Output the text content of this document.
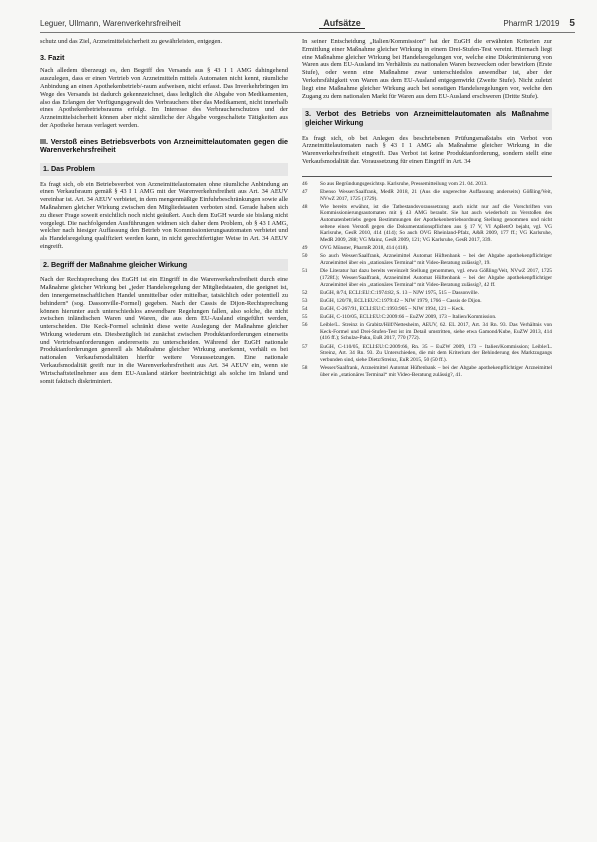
Leguer, Ullmann, Warenverkehrsfreiheit	Aufsätze	PharmR 1/2019 5

schutz und das Ziel, Arzneimittelsicherheit zu gewährleisten, entgegen.

3. Fazit

Nach alledem überzeugt es, den Begriff des Versands aus § 43 I 1 AMG dahingehend auszulegen, dass er einen Vertrieb von Arzneimitteln mittels Automaten nicht kennt, räumliche Anbindung an einen Apothekenbetrieb/-raum aufweisen, nicht erfasst. Das Inverkehrbringen im Wege des Versands ist dadurch gekennzeichnet, dass lediglich die Abgabe von Medikamenten, also das Erlangen der Verfügungsgewalt des Verbrauchers über das Medikament, nicht innerhalb eines Apothekenbetriebsraums erfolgt. Im Interesse des Verbraucherschutzes und der Arzneimittelsicherheit können aber nicht sämtliche der Abgabe vorgeschaltete Tätigkeiten aus der Apotheke heraus verlagert werden.

III. Verstoß eines Betriebsverbots von Arzneimittelautomaten gegen die Warenverkehrsfreiheit
1. Das Problem

Es fragt sich, ob ein Betriebsverbot von Arzneimittelautomaten ohne räumliche Anbindung an einen Verkaufsraum gemäß § 43 I 1 AMG mit der Warenverkehrsfreiheit aus Art. 34 AEUV vereinbar ist. Art. 34 AEUV verbietet, in dem mengenmäßige Einfuhrbeschränkungen sowie alle Maßnahmen gleicher Wirkung zwischen den Mitgliedstaaten verboten sind. Gerade haben sich zu dieser Frage soweit ersichtlich noch nicht geäußert. Auch dem EuGH wurde sie bislang nicht vorgelegt. Die nachfolgenden Ausführungen widmen sich daher dem Problem, ob § 43 I AMG, welcher nach hiesiger Auffassung den Betrieb von Kommissionierungsautomaten verbietet und als Handelsregelung qualifiziert werden kann, in nicht gerechtfertigter Weise in Art. 34 AEUV eingreift.

2. Begriff der Maßnahme gleicher Wirkung

Nach der Rechtsprechung des EuGH ist ein Eingriff in die Warenverkehrsfreiheit durch eine Maßnahme gleicher Wirkung bei „jeder Handelsregelung der Mitgliedstaaten, die geeignet ist, den innergemeinschaftlichen Handel unmittelbar oder mittelbar, tatsächlich oder potentiell zu behindern“ (sog. Dassonville-Formel) gegeben. Nach der Cassis de Dijon-Rechtsprechung können hierunter auch unterschiedslos anwendbare Regelungen fallen, also solche, die nicht zwischen inländischen Waren und Waren, die aus dem EU-Ausland eingeführt werden, unterscheiden. Die Keck-Formel schränkt diese weite Auslegung der Maßnahme gleicher Wirkung wiederum ein. Diesbezüglich ist zunächst zwischen Produktanforderungen einerseits und Vertriebsanforderungen andererseits zu unterscheiden. Während der EuGH nationale Produktanforderungen generell als Maßnahme gleicher Wirkung anerkennt, verhält es bei nationalen Verkaufsmodalitäten hierfür weitere Voraussetzungen. Eine nationale Verkaufsmodalität greift nur in die Warenverkehrsfreiheit aus Art. 34 AEUV ein, wenn sie Wirtschaftsteilnehmer aus dem EU-Ausland stärker beeinträchtigt als solche im Inland und somit faktisch diskriminiert.

In seiner Entscheidung „Italien/Kommission“ hat der EuGH die erwähnten Kriterien zur Ermittlung einer Maßnahme gleicher Wirkung in einem Drei-Stufen-Test vereint. Hiernach liegt eine Maßnahme gleicher Wirkung bei Handelsregelungen vor, welche eine Diskriminierung von Waren aus dem EU-Ausland im Verhältnis zu nationalen Waren bezwecken oder bewirken (Erste Stufe), oder wenn eine Maßnahme zwar unterschiedslos anwendbar ist, aber der Verkehrsfähigkeit von Waren aus dem EU-Ausland entgegenwirkt (Zweite Stufe). Nicht zuletzt liegt eine Maßnahme gleicher Wirkung auch bei sonstigen Handelsregelungen vor, welche den Zugang zu dem nationalen Markt für Waren aus dem EU-Ausland erschweren (Dritte Stufe).

3. Verbot des Betriebs von Arzneimittelautomaten als Maßnahme gleicher Wirkung

Es fragt sich, ob bei Anlegen des beschriebenen Prüfungsmaßstabs ein Verbot von Arzneimittelautomaten nach § 43 I 1 AMG als Maßnahme gleicher Wirkung in die Warenverkehrsfreiheit eingreift. Das Verbot ist keine Produktanforderung, sondern stellt eine Verkaufsmodalität dar. Voraussetzung für einen Eingriff in Art. 34

46	So aus Begründungsgesichtsp. Karlsruhe, Pressemitteilung vom 21. 04. 2013.
47	Ebenso Wesser/Saalfrank, MedR 2018, 21 (Aus die ungerechte Auffassung anderseits) Gößling/Veit, NVwZ 2017, 1725 (1729).
48	Wie bereits erwähnt, ist die Tatbestandsvoraussetzung auch nicht nur auf die Vorschriften von Kommissionierungsautomaten mit § 43 AMG beraubt. Sie hat auch wiederholt zu Verstoßen des Automatenbetriebs gegen Bestimmungen der Apothekenbetriebsordnung Stellung genommen und nicht seltene einen Verstoß gegen die Dokumentationspflichten aus § 17 V, VI ApBetrO bejaht, vgl. VG Karlsruhe, GesR 2010, 414 (414); So auch OVG Rheinland-Pfalz, A&R 2009, 177 ff.; VG Karlsruhe, MedR 2009, 288; VG Mainz, GesR 2009, 121; VG Karlsruhe, GesR 2017, 339.
49	OVG Münster, PharmR 2018, 414 (418).
50	So auch Wesser/Saalfrank, Arzneimittel Automat Hüftenbank – bei der Abgabe apothekenpflichtiger Arzneimittel über ein „stationäres Terminal“ mit Video-Beratung zulässig?, 19.
51	Die Literatur hat dazu bereits vereinzelt Stellung genommen, vgl. etwa Gößling/Veit, NVwZ 2017, 1725 (1728f.); Wesser/Saalfrank, Arzneimittel Automat Hüftenbank – bei der Abgabe apothekenpflichtiger Arzneimittel über ein „stationäres Terminal“ mit Video-Beratung zulässig?, 42 ff.
52	EuGH, 8/74, ECLI:EU:C:1974:82, S. 13 – NJW 1975, 515 – Dassonville.
53	EuGH, 120/78, ECLI:EU:C:1979:42 – NJW 1979, 1766 – Cassis de Dijon.
54	EuGH, C-267/91, ECLI:EU:C:1993:905 – NJW 1994, 121 – Keck.
55	EuGH, C-110/05, ECLI:EU:C:2009:66 – EuZW 2009, 173 – Italien/Kommission.
56	Leible/L. Streinz in Grabitz/Hilf/Nettesheim, AEUV, 62. EL 2017, Art. 34 Rn. 93. Das Verhältnis von Keck-Formel und Drei-Stufen-Test ist im Detail umstritten, siehe etwa Gamond/Kube, EuZW 2013, 414 (416 ff.); Schulze-Paku, EuR 2017, 770 (772).
57	EuGH, C-110/05, ECLI:EU:C:2009:66, Rn. 35 – EuZW 2009, 173 – Italien/Kommission; Leible/L. Streinz, Art. 34 Rn. 93. Zu Unterschieden, die mit dem Kriterium der Behinderung des Marktzugangs verbunden sind, siehe Dietz/Streinz, EuR 2015, 50 (50 ff.).
58	Wesser/Saalfrank, Arzneimittel Automat Hüftenbank – bei der Abgabe apothekenpflichtiger Arzneimittel über ein „stationäres Terminal“ mit Video-Beratung zulässig?, 41.
